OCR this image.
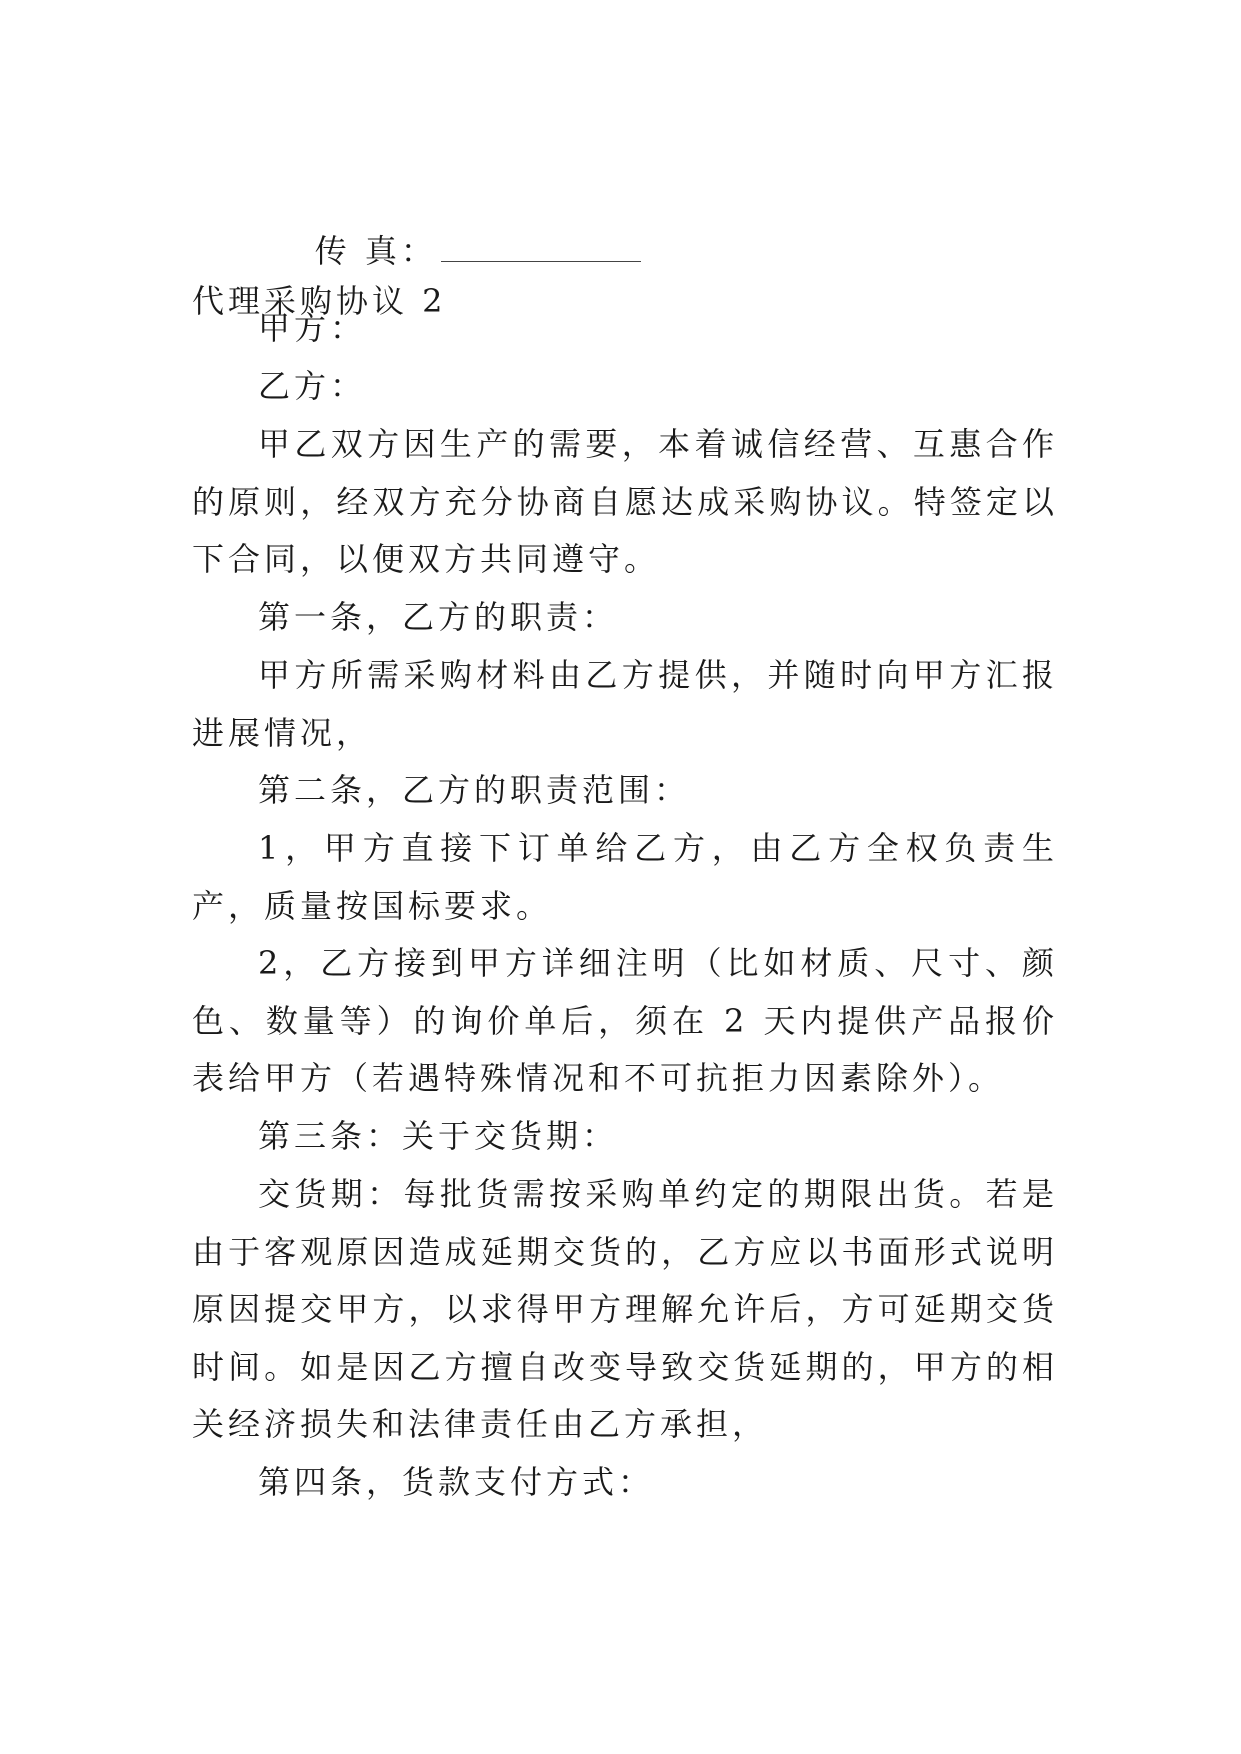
传 真：

代理采购协议 2

甲方：

乙方：

甲乙双方因生产的需要，本着诚信经营、互惠合作的原则，经双方充分协商自愿达成采购协议。特签定以下合同，以便双方共同遵守。

第一条，乙方的职责：

甲方所需采购材料由乙方提供，并随时向甲方汇报进展情况，

第二条，乙方的职责范围：

1，甲方直接下订单给乙方，由乙方全权负责生产，质量按国标要求。

2，乙方接到甲方详细注明（比如材质、尺寸、颜色、数量等）的询价单后，须在 2 天内提供产品报价表给甲方（若遇特殊情况和不可抗拒力因素除外）。

第三条：关于交货期：

交货期：每批货需按采购单约定的期限出货。若是由于客观原因造成延期交货的，乙方应以书面形式说明原因提交甲方，以求得甲方理解允许后，方可延期交货时间。如是因乙方擅自改变导致交货延期的，甲方的相关经济损失和法律责任由乙方承担，

第四条，货款支付方式：
